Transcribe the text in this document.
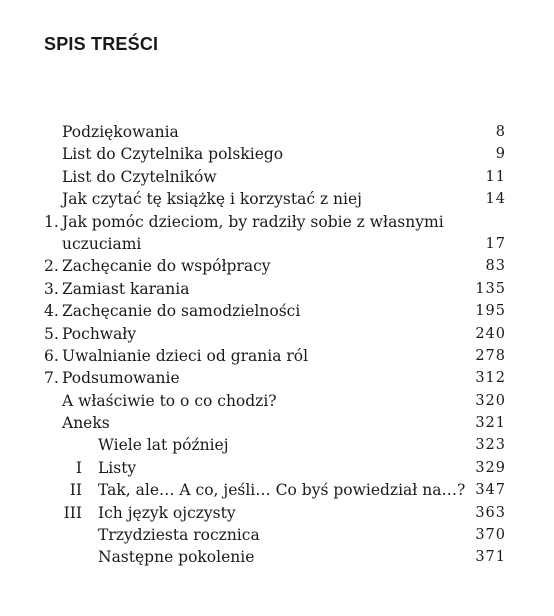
SPIS TREŚCI
Podziękowania	8
List do Czytelnika polskiego	9
List do Czytelników	11
Jak czytać tę książkę i korzystać z niej	14
1. Jak pomóc dzieciom, by radziły sobie z własnymi
uczuciami	17
2. Zachęcanie do współpracy	83
3. Zamiast karania	135
4. Zachęcanie do samodzielności	195
5. Pochwały	240
6. Uwalnianie dzieci od grania ról	278
7. Podsumowanie	312
A właściwie to o co chodzi?	320
Aneks	321
Wiele lat później	323
I Listy	329
II Tak, ale… A co, jeśli… Co byś powiedział na…? 347
III Ich język ojczysty	363
Trzydziesta rocznica	370
Następne pokolenie	371
